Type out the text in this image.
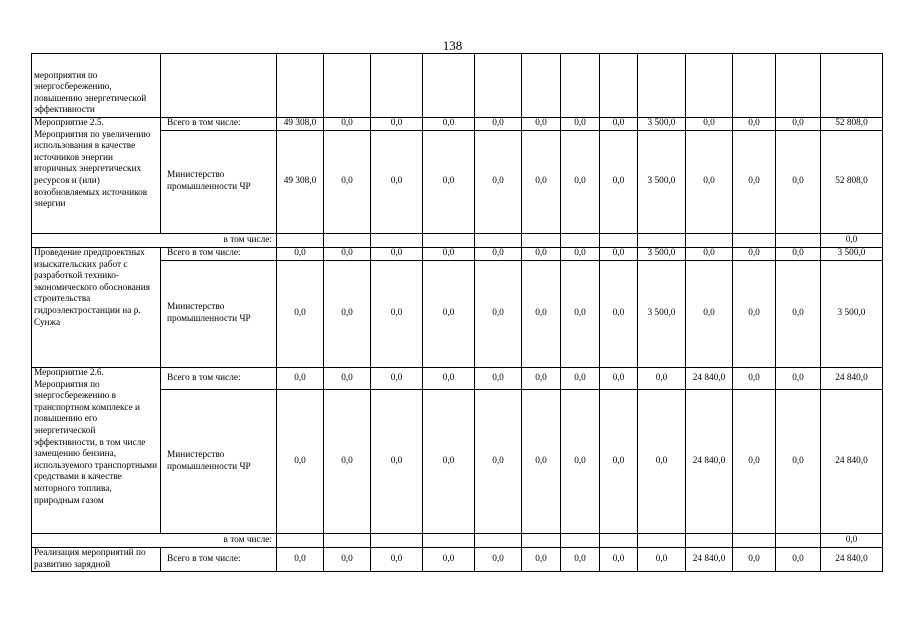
138
мероприятия по энергосбережению, повышению энергетической эффективности														
Мероприятие 2.5. Мероприятия по увеличению использования в качестве источников энергии вторичных энергетических ресурсов и (или) возобновляемых источников энергии	Всего в том числе:	49 308,0	0,0	0,0	0,0	0,0	0,0	0,0	0,0	3 500,0	0,0	0,0	0,0	52 808,0
	Министерство промышленности ЧР	49 308,0	0,0	0,0	0,0	0,0	0,0	0,0	0,0	3 500,0	0,0	0,0	0,0	52 808,0
в том числе:														0,0
Проведение предпроектных изыскательских работ с разработкой технико-экономического обоснования строительства гидроэлектростанции на р. Сунжа	Всего в том числе:	0,0	0,0	0,0	0,0	0,0	0,0	0,0	0,0	3 500,0	0,0	0,0	0,0	3 500,0
	Министерство промышленности ЧР	0,0	0,0	0,0	0,0	0,0	0,0	0,0	0,0	3 500,0	0,0	0,0	0,0	3 500,0
Мероприятие 2.6. Мероприятия по энергосбережению в транспортном комплексе и повышению его энергетической эффективности, в том числе замещению бензина, используемого транспортными средствами в качестве моторного топлива, природным газом	Всего в том числе:	0,0	0,0	0,0	0,0	0,0	0,0	0,0	0,0	0,0	24 840,0	0,0	0,0	24 840,0
	Министерство промышленности ЧР	0,0	0,0	0,0	0,0	0,0	0,0	0,0	0,0	0,0	24 840,0	0,0	0,0	24 840,0
в том числе:														0,0
Реализация мероприятий по развитию зарядной	Всего в том числе:	0,0	0,0	0,0	0,0	0,0	0,0	0,0	0,0	0,0	24 840,0	0,0	0,0	24 840,0
